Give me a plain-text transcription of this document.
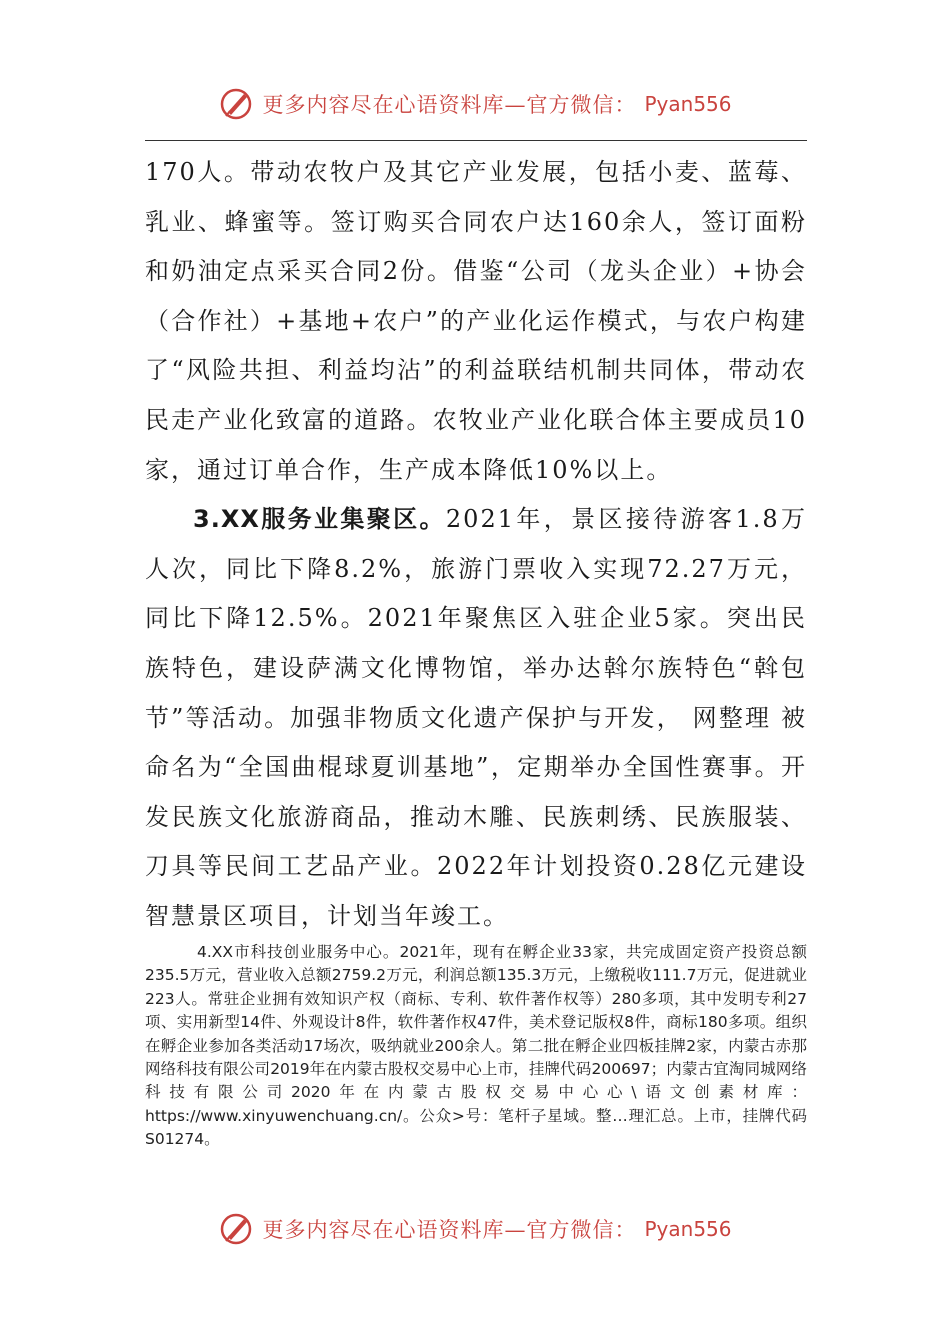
更多内容尽在心语资料库—官方微信： Pyan556

170人。带动农牧户及其它产业发展，包括小麦、蓝莓、乳业、蜂蜜等。签订购买合同农户达160余人，签订面粉和奶油定点采买合同2份。借鉴“公司（龙头企业）+协会（合作社）+基地+农户”的产业化运作模式，与农户构建了“风险共担、利益均沾”的利益联结机制共同体，带动农民走产业化致富的道路。农牧业产业化联合体主要成员10家，通过订单合作，生产成本降低10%以上。

3.XX服务业集聚区。2021年，景区接待游客1.8万人次，同比下降8.2%，旅游门票收入实现72.27万元，同比下降12.5%。2021年聚焦区入驻企业5家。突出民族特色，建设萨满文化博物馆，举办达斡尔族特色“斡包节”等活动。加强非物质文化遗产保护与开发， 网整理 被命名为“全国曲棍球夏训基地”，定期举办全国性赛事。开发民族文化旅游商品，推动木雕、民族刺绣、民族服装、刀具等民间工艺品产业。2022年计划投资0.28亿元建设智慧景区项目，计划当年竣工。

4.XX市科技创业服务中心。2021年，现有在孵企业33家，共完成固定资产投资总额235.5万元，营业收入总额2759.2万元，利润总额135.3万元，上缴税收111.7万元，促进就业223人。常驻企业拥有效知识产权（商标、专利、软件著作权等）280多项，其中发明专利27项、实用新型14件、外观设计8件，软件著作权47件，美术登记版权8件，商标180多项。组织在孵企业参加各类活动17场次，吸纳就业200余人。第二批在孵企业四板挂牌2家，内蒙古赤那网络科技有限公司2019年在内蒙古股权交易中心上市，挂牌代码200697；内蒙古宜淘同城网络科技有限公司2020年在内蒙古股权交易中心心\语文创素材库：https://www.xinyuwenchuang.cn/。公众>号：笔杆子星域。整…理汇总。上市，挂牌代码S01274。

更多内容尽在心语资料库—官方微信： Pyan556
